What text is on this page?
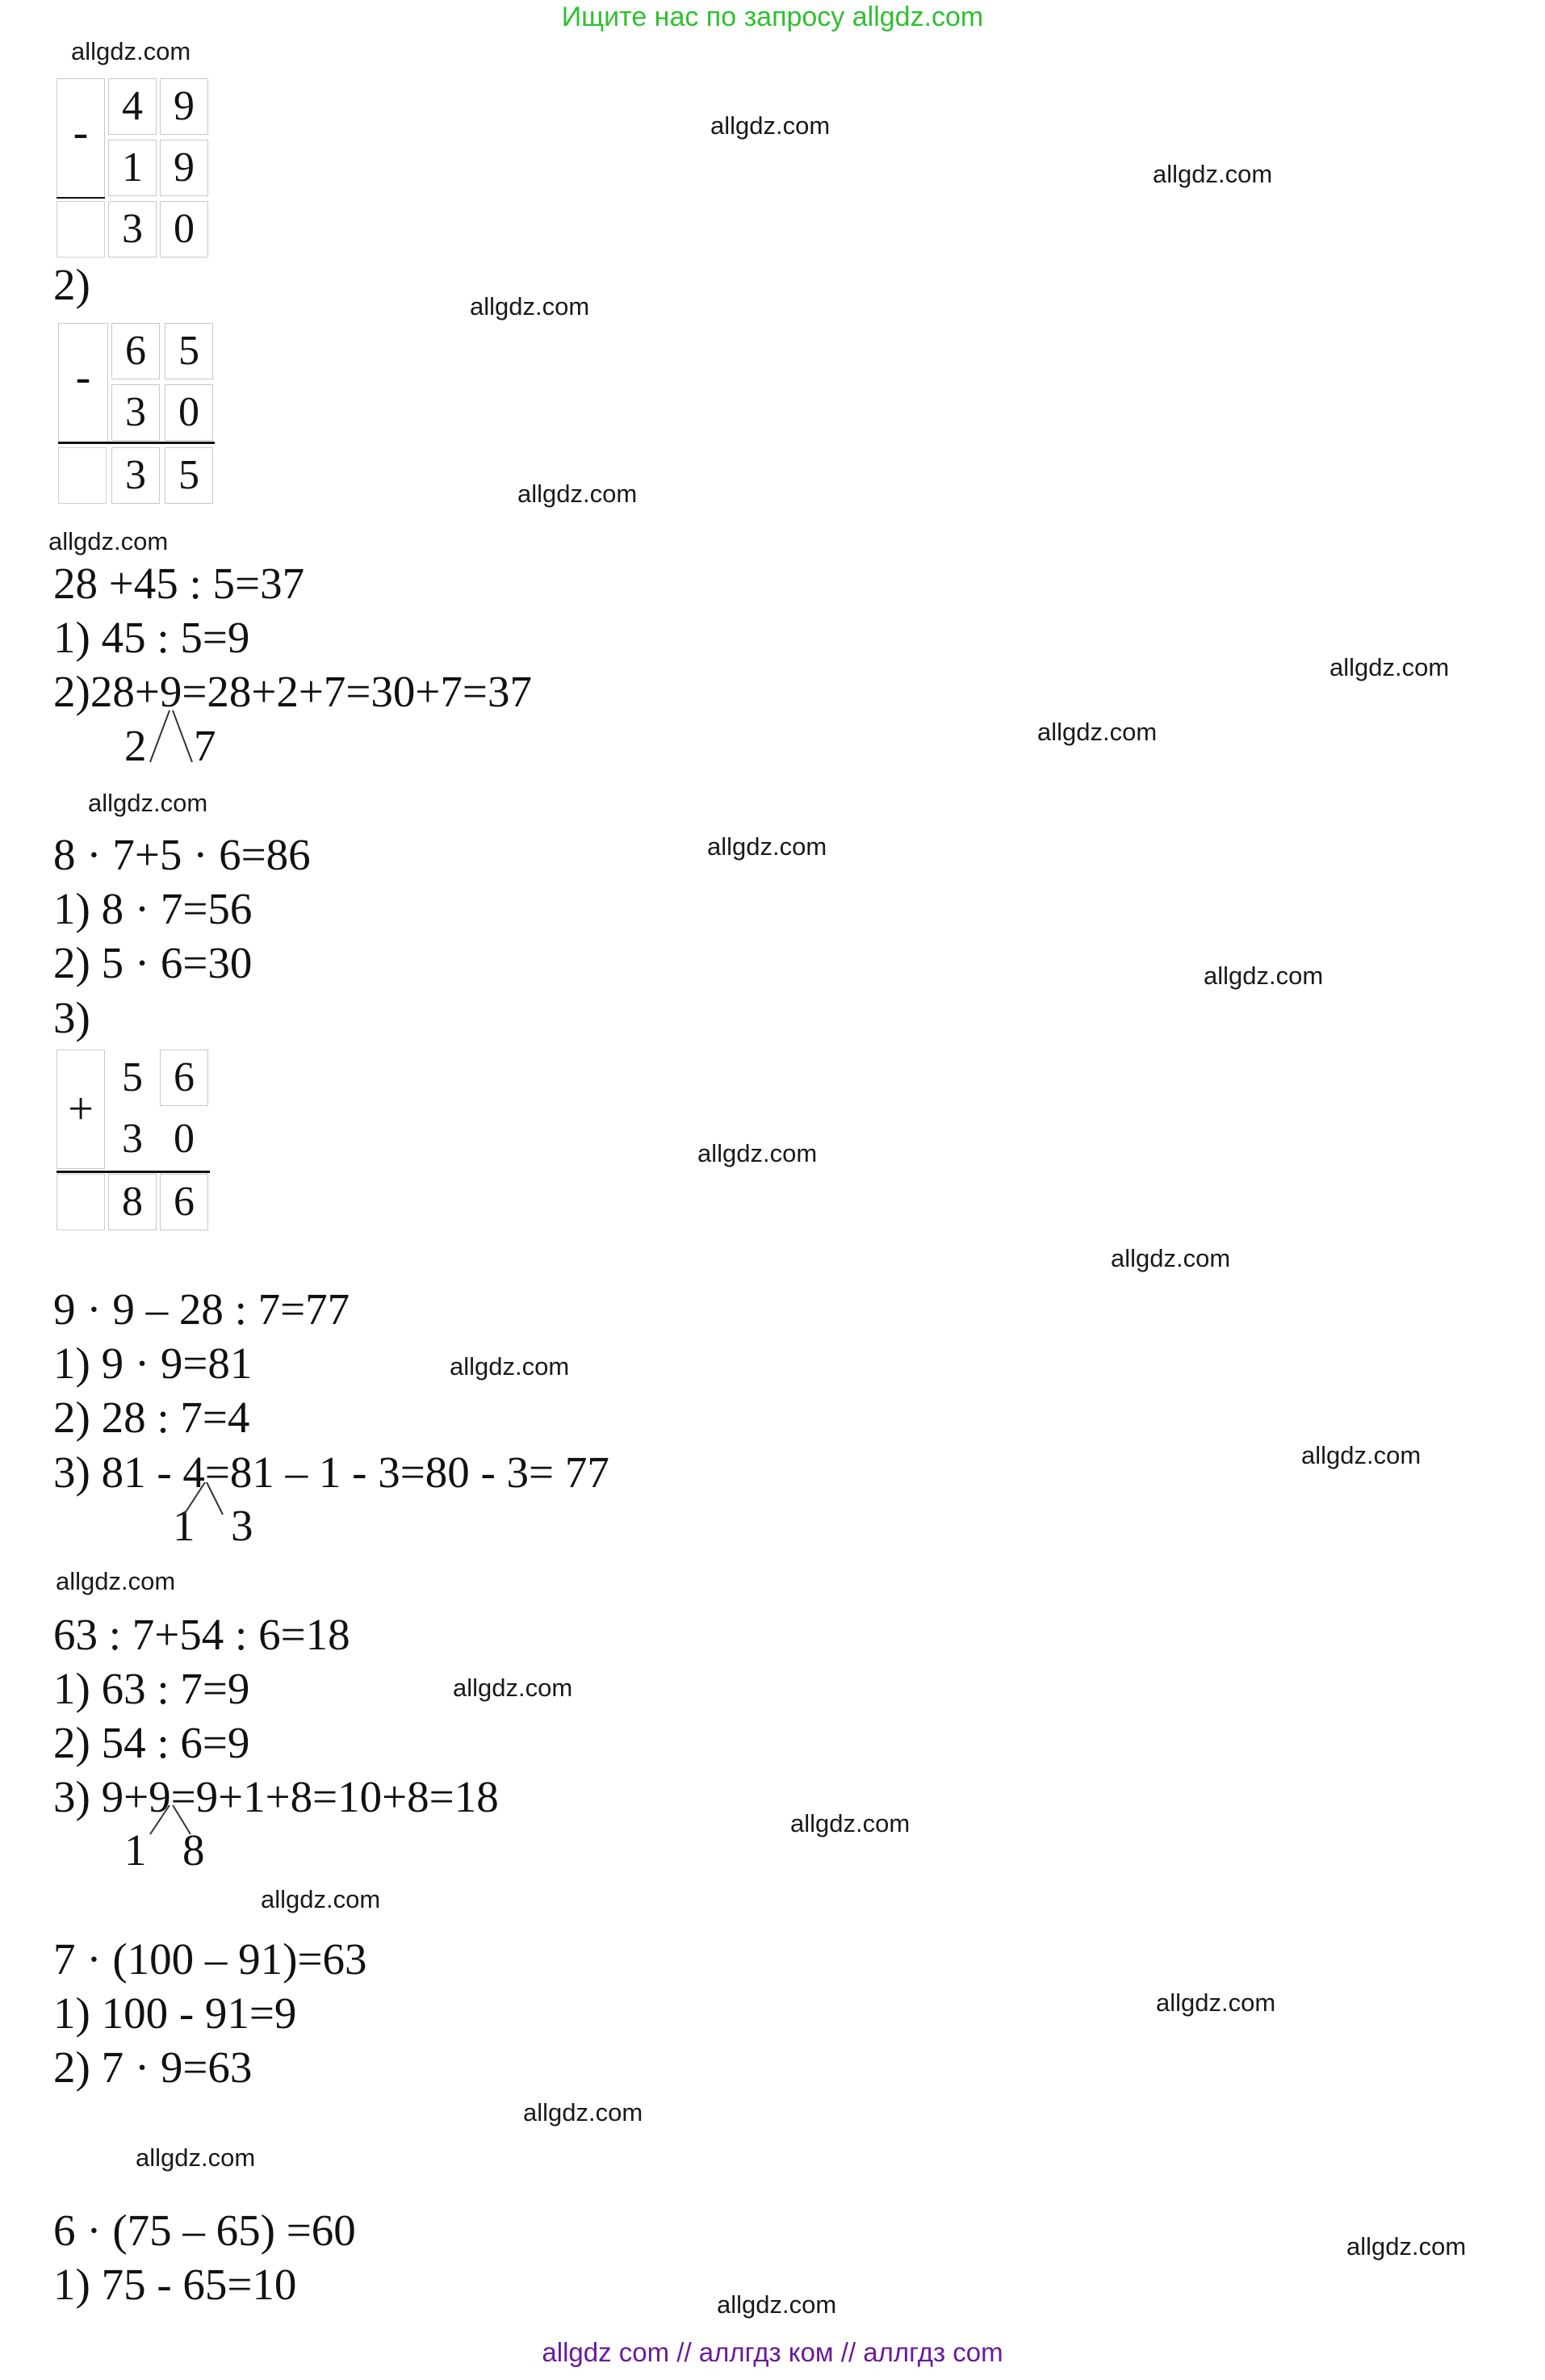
Ищите нас по запросу allgdz.com
allgdz.com
allgdz.com
allgdz.com
allgdz.com
allgdz.com
allgdz.com
allgdz.com
allgdz.com
allgdz.com
allgdz.com
allgdz.com
allgdz.com
allgdz.com
allgdz.com
allgdz.com
allgdz.com
allgdz.com
allgdz.com
allgdz.com
allgdz.com
allgdz.com
allgdz.com
allgdz.com
allgdz.com
-
4 9
1 9
3 0
2)
-
6 5
3 0
3 5
28 +45 : 5=37
1) 45 : 5=9
2)28+9=28+2+7=30+7=37
2 7
8 · 7+5 · 6=86
1) 8 · 7=56
2) 5 · 6=30
3)
+
5 6
3 0
8 6
9 · 9 – 28 : 7=77
1) 9 · 9=81
2) 28 : 7=4
3) 81 - 4=81 – 1 - 3=80 - 3= 77
1 3
63 : 7+54 : 6=18
1) 63 : 7=9
2) 54 : 6=9
3) 9+9=9+1+8=10+8=18
1 8
7 · (100 – 91)=63
1) 100 - 91=9
2) 7 · 9=63
6 · (75 – 65) =60
1) 75 - 65=10
allgdz com // аллгдз ком // аллгдз com
